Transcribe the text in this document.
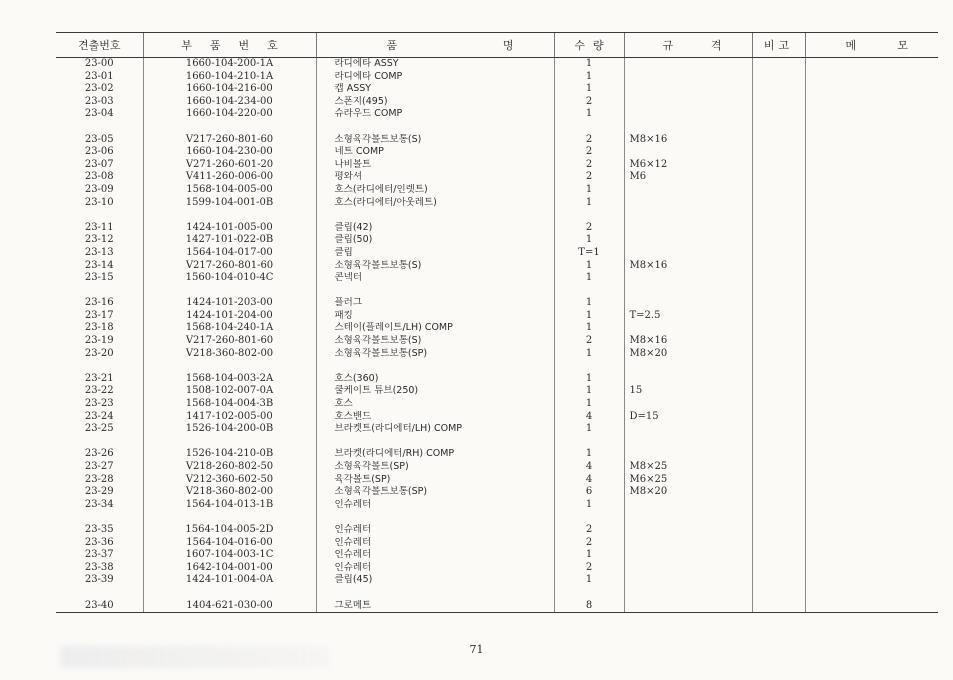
견출번호	부품번호	품 명	수량	규 격	비고	메 모

23-00	1660-104-200-1A	라디에타 ASSY	1			
23-01	1660-104-210-1A	라디에타 COMP	1			
23-02	1660-104-216-00	캡 ASSY	1			
23-03	1660-104-234-00	스폰지(495)	2			
23-04	1660-104-220-00	슈라우드 COMP	1			

23-05	V217-260-801-60	소형육각볼트보통(S)	2	M8×16		
23-06	1660-104-230-00	네트 COMP	2			
23-07	V271-260-601-20	나비볼트	2	M6×12		
23-08	V411-260-006-00	평와셔	2	M6		
23-09	1568-104-005-00	호스(라디에터/인렛트)	1			
23-10	1599-104-001-0B	호스(라디에터/아웃레트)	1			

23-11	1424-101-005-00	클립(42)	2			
23-12	1427-101-022-0B	클립(50)	1			
23-13	1564-104-017-00	클립	T=1			
23-14	V217-260-801-60	소형육각볼트보통(S)	1	M8×16		
23-15	1560-104-010-4C	콘넥터	1			

23-16	1424-101-203-00	플러그	1			
23-17	1424-101-204-00	패킹	1	T=2.5		
23-18	1568-104-240-1A	스테이(플레이트/LH) COMP	1			
23-19	V217-260-801-60	소형육각볼트보통(S)	2	M8×16		
23-20	V218-360-802-00	소형육각볼트보통(SP)	1	M8×20		

23-21	1568-104-003-2A	호스(360)	1			
23-22	1508-102-007-0A	쿨케이트 튜브(250)	1	15		
23-23	1568-104-004-3B	호스	1			
23-24	1417-102-005-00	호스밴드	4	D=15		
23-25	1526-104-200-0B	브라켓트(라디에터/LH) COMP	1			

23-26	1526-104-210-0B	브라켓(라디에터/RH) COMP	1			
23-27	V218-260-802-50	소형육각볼트(SP)	4	M8×25		
23-28	V212-360-602-50	육각볼트(SP)	4	M6×25		
23-29	V218-360-802-00	소형육각볼트보통(SP)	6	M8×20		
23-34	1564-104-013-1B	인슈레터	1			

23-35	1564-104-005-2D	인슈레터	2			
23-36	1564-104-016-00	인슈레터	2			
23-37	1607-104-003-1C	인슈레터	1			
23-38	1642-104-001-00	인슈레터	2			
23-39	1424-101-004-0A	클립(45)	1			

23-40	1404-621-030-00	그로메트	8			
71
